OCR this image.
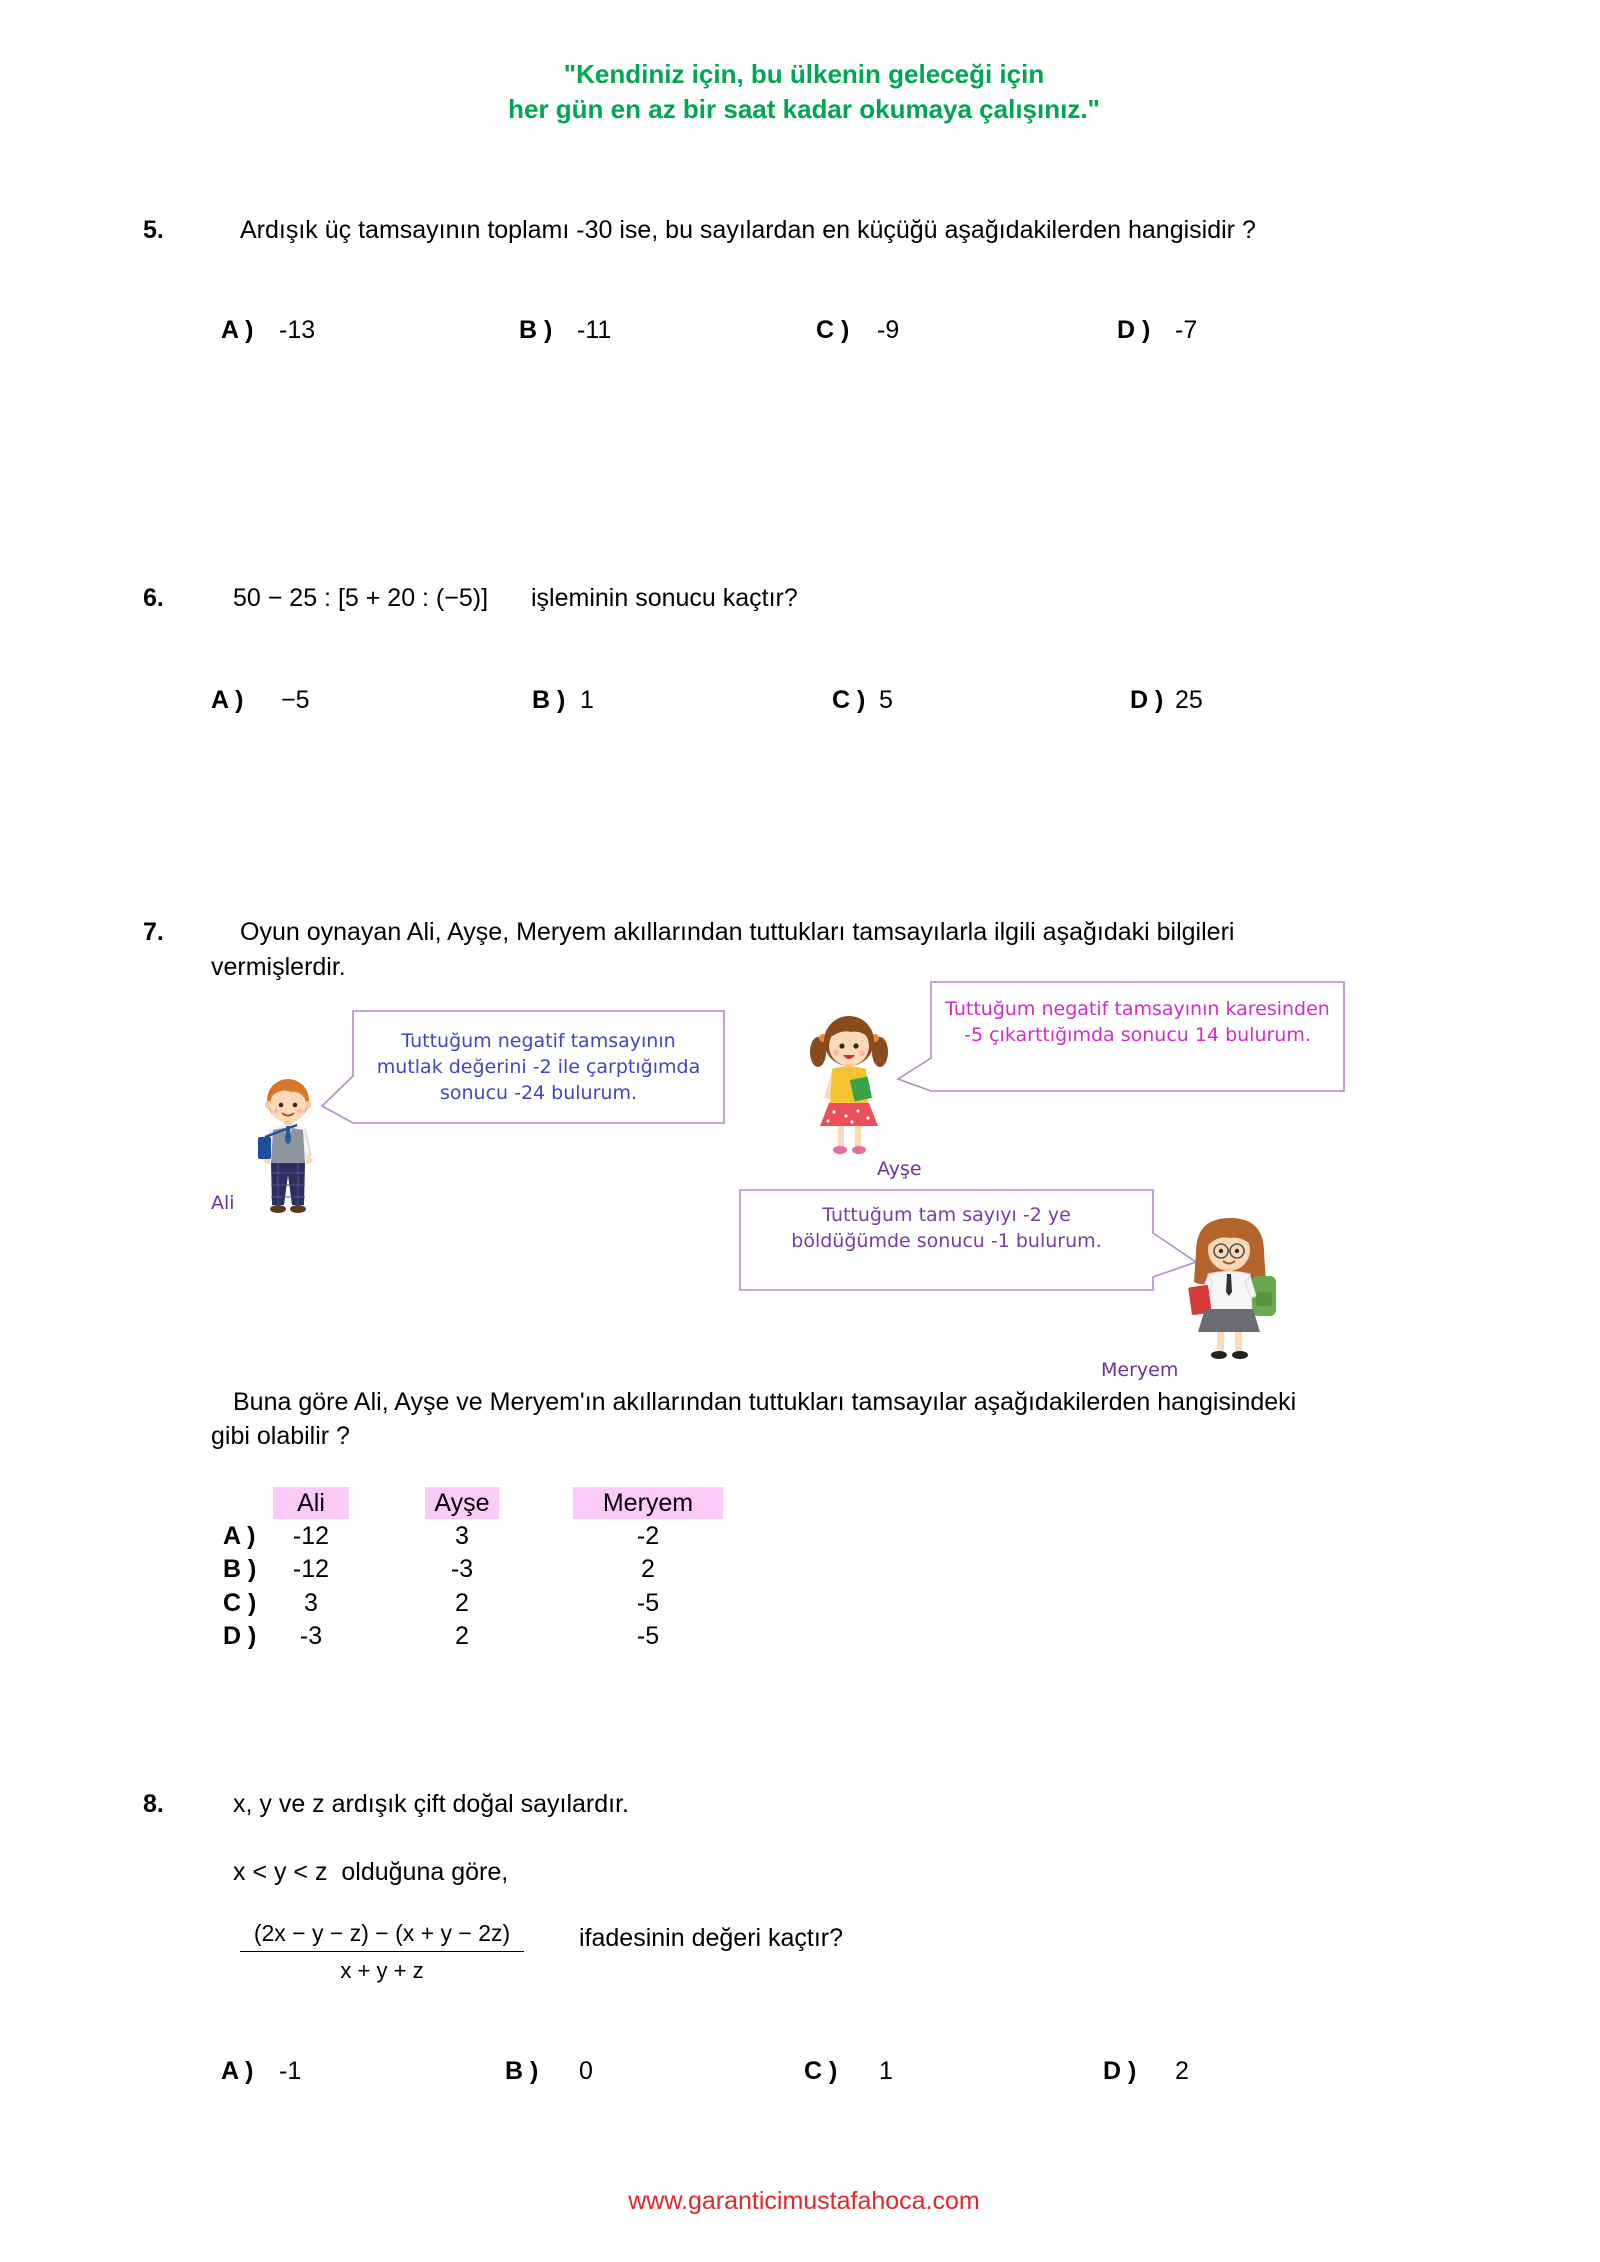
"Kendiniz için, bu ülkenin geleceği için
her gün en az bir saat kadar okumaya çalışınız."
5.	Ardışık üç tamsayının toplamı -30 ise, bu sayılardan en küçüğü aşağıdakilerden hangisidir ?
A ) -13	B ) -11	C ) -9	D ) -7
6.	50 − 25 : [5 + 20 : (−5)] işleminin sonucu kaçtır?
A ) −5	B ) 1	C ) 5	D ) 25
7.	Oyun oynayan Ali, Ayşe, Meryem akıllarından tuttukları tamsayılarla ilgili aşağıdaki bilgileri
vermişlerdir.
Tuttuğum negatif tamsayının
mutlak değerini -2 ile çarptığımda
sonucu -24 bulurum.
Tuttuğum negatif tamsayının karesinden
-5 çıkarttığımda sonucu 14 bulurum.
Tuttuğum tam sayıyı -2 ye
böldüğümde sonucu -1 bulurum.
Ali
Ayşe
Meryem
Buna göre Ali, Ayşe ve Meryem'ın akıllarından tuttukları tamsayılar aşağıdakilerden hangisindeki
gibi olabilir ?
Ali	Ayşe	Meryem
A )	-12	3	-2
B )	-12	-3	2
C )	3	2	-5
D )	-3	2	-5
8.	x, y ve z ardışık çift doğal sayılardır.
x < y < z  olduğuna göre,
(2x − y − z) − (x + y − 2z)
x + y + z
ifadesinin değeri kaçtır?
A ) -1	B ) 0	C ) 1	D ) 2
www.garanticimustafahoca.com
